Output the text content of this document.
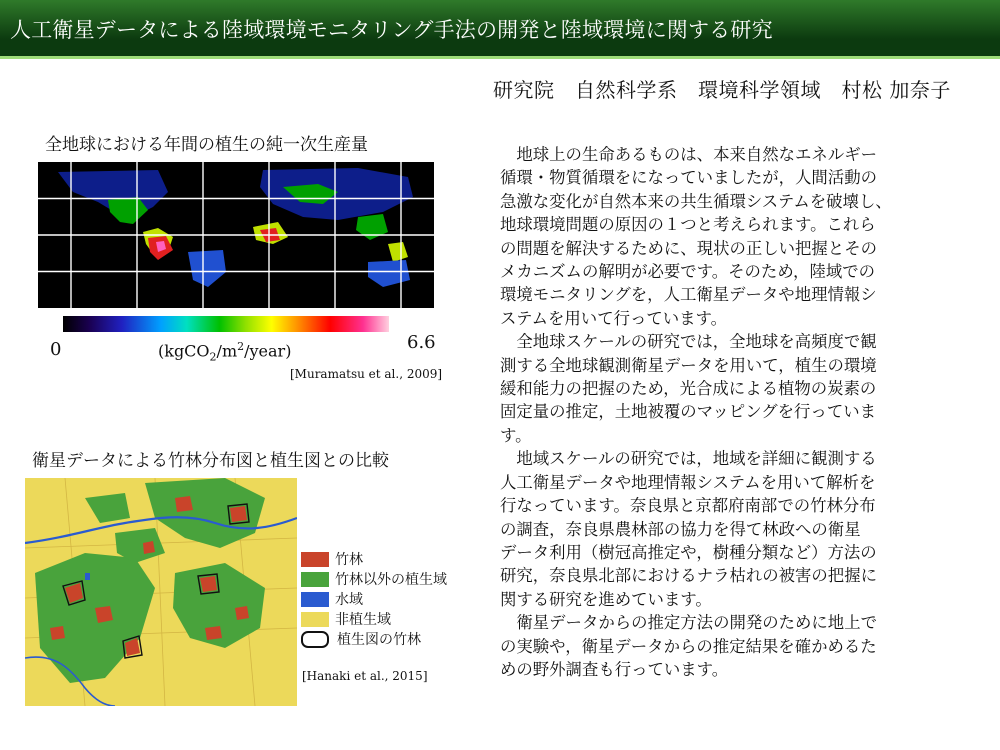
人工衛星データによる陸域環境モニタリング手法の開発と陸域環境に関する研究
研究院　自然科学系　環境科学領域　村松 加奈子
全地球における年間の植生の純一次生産量
0	6.6
$(kgCO_2/m^2/year)$
[Muramatsu et al., 2009]
衛星データによる竹林分布図と植生図との比較
竹林
竹林以外の植生域
水域
非植生域
植生図の竹林
[Hanaki et al., 2015]

地球上の生命あるものは、本来自然なエネルギー
循環・物質循環をになっていましたが，人間活動の
急激な変化が自然本来の共生循環システムを破壊し、
地球環境問題の原因の１つと考えられます。これら
の問題を解決するために、現状の正しい把握とその
メカニズムの解明が必要です。そのため，陸域での
環境モニタリングを，人工衛星データや地理情報シ
ステムを用いて行っています。

全地球スケールの研究では，全地球を高頻度で観
測する全地球観測衛星データを用いて，植生の環境
緩和能力の把握のため，光合成による植物の炭素の
固定量の推定，土地被覆のマッピングを行っていま
す。

地域スケールの研究では，地域を詳細に観測する
人工衛星データや地理情報システムを用いて解析を
行なっています。奈良県と京都府南部での竹林分布
の調査，奈良県農林部の協力を得て林政への衛星
データ利用（樹冠高推定や，樹種分類など）方法の
研究，奈良県北部におけるナラ枯れの被害の把握に
関する研究を進めています。

衛星データからの推定方法の開発のために地上で
の実験や，衛星データからの推定結果を確かめるた
めの野外調査も行っています。
